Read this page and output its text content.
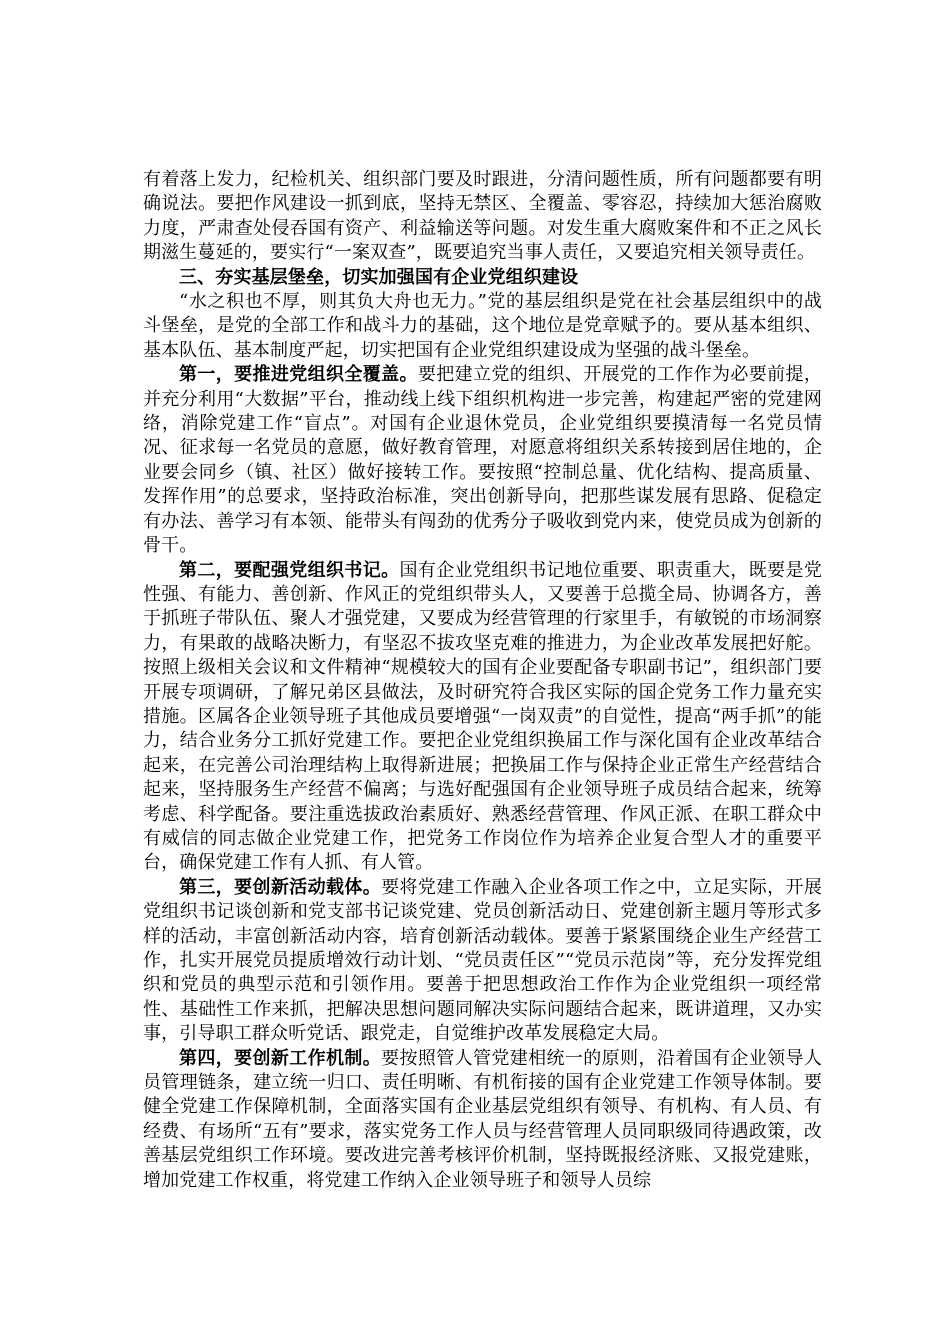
有着落上发力，纪检机关、组织部门要及时跟进，分清问题性质，所有问题都要有明确说法。要把作风建设一抓到底，坚持无禁区、全覆盖、零容忍，持续加大惩治腐败力度，严肃查处侵吞国有资产、利益输送等问题。对发生重大腐败案件和不正之风长期滋生蔓延的，要实行“一案双查”，既要追究当事人责任，又要追究相关领导责任。

三、夯实基层堡垒，切实加强国有企业党组织建设

“水之积也不厚，则其负大舟也无力。”党的基层组织是党在社会基层组织中的战斗堡垒，是党的全部工作和战斗力的基础，这个地位是党章赋予的。要从基本组织、基本队伍、基本制度严起，切实把国有企业党组织建设成为坚强的战斗堡垒。

第一，要推进党组织全覆盖。要把建立党的组织、开展党的工作作为必要前提，并充分利用“大数据”平台，推动线上线下组织机构进一步完善，构建起严密的党建网络，消除党建工作“盲点”。对国有企业退休党员，企业党组织要摸清每一名党员情况、征求每一名党员的意愿，做好教育管理，对愿意将组织关系转接到居住地的，企业要会同乡（镇、社区）做好接转工作。要按照“控制总量、优化结构、提高质量、发挥作用”的总要求，坚持政治标准，突出创新导向，把那些谋发展有思路、促稳定有办法、善学习有本领、能带头有闯劲的优秀分子吸收到党内来，使党员成为创新的骨干。

第二，要配强党组织书记。国有企业党组织书记地位重要、职责重大，既要是党性强、有能力、善创新、作风正的党组织带头人，又要善于总揽全局、协调各方，善于抓班子带队伍、聚人才强党建，又要成为经营管理的行家里手，有敏锐的市场洞察力，有果敢的战略决断力，有坚忍不拔攻坚克难的推进力，为企业改革发展把好舵。按照上级相关会议和文件精神“规模较大的国有企业要配备专职副书记”，组织部门要开展专项调研，了解兄弟区县做法，及时研究符合我区实际的国企党务工作力量充实措施。区属各企业领导班子其他成员要增强“一岗双责”的自觉性，提高“两手抓”的能力，结合业务分工抓好党建工作。要把企业党组织换届工作与深化国有企业改革结合起来，在完善公司治理结构上取得新进展；把换届工作与保持企业正常生产经营结合起来，坚持服务生产经营不偏离；与选好配强国有企业领导班子成员结合起来，统筹考虑、科学配备。要注重选拔政治素质好、熟悉经营管理、作风正派、在职工群众中有威信的同志做企业党建工作，把党务工作岗位作为培养企业复合型人才的重要平台，确保党建工作有人抓、有人管。

第三，要创新活动载体。要将党建工作融入企业各项工作之中，立足实际，开展党组织书记谈创新和党支部书记谈党建、党员创新活动日、党建创新主题月等形式多样的活动，丰富创新活动内容，培育创新活动载体。要善于紧紧围绕企业生产经营工作，扎实开展党员提质增效行动计划、“党员责任区”“党员示范岗”等，充分发挥党组织和党员的典型示范和引领作用。要善于把思想政治工作作为企业党组织一项经常性、基础性工作来抓，把解决思想问题同解决实际问题结合起来，既讲道理，又办实事，引导职工群众听党话、跟党走，自觉维护改革发展稳定大局。

第四，要创新工作机制。要按照管人管党建相统一的原则，沿着国有企业领导人员管理链条，建立统一归口、责任明晰、有机衔接的国有企业党建工作领导体制。要健全党建工作保障机制，全面落实国有企业基层党组织有领导、有机构、有人员、有经费、有场所“五有”要求，落实党务工作人员与经营管理人员同职级同待遇政策，改善基层党组织工作环境。要改进完善考核评价机制，坚持既报经济账、又报党建账，增加党建工作权重，将党建工作纳入企业领导班子和领导人员综
